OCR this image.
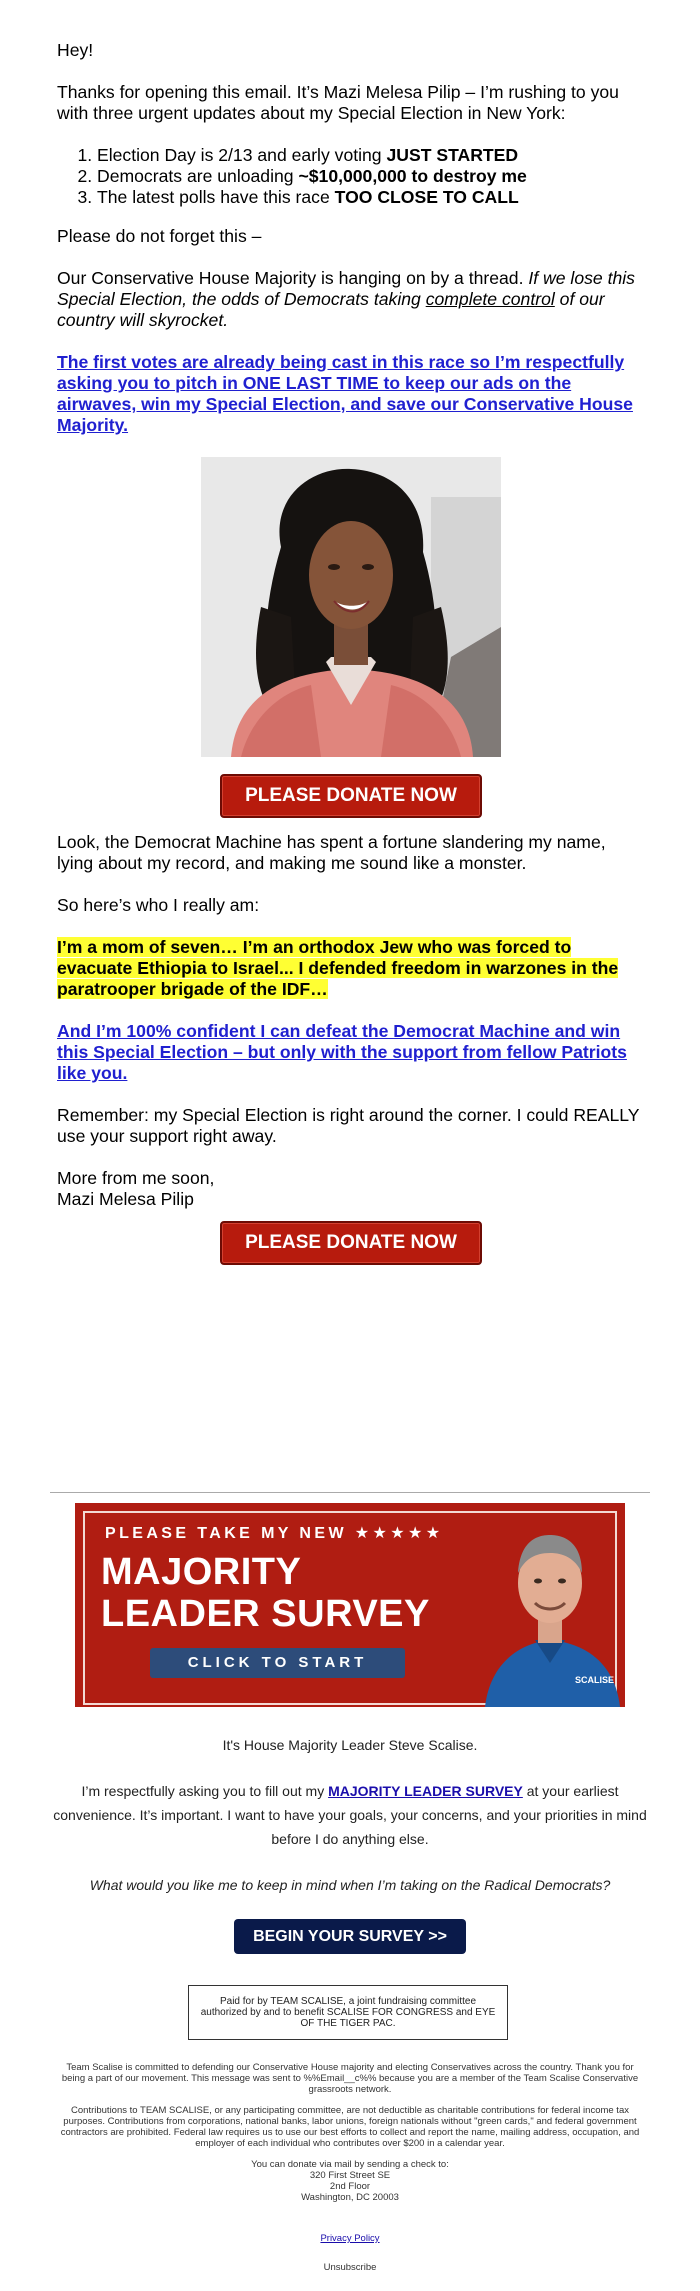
Hey!

Thanks for opening this email. It’s Mazi Melesa Pilip – I’m rushing to you with three urgent updates about my Special Election in New York:

1. Election Day is 2/13 and early voting JUST STARTED
2. Democrats are unloading ~$10,000,000 to destroy me
3. The latest polls have this race TOO CLOSE TO CALL

Please do not forget this –

Our Conservative House Majority is hanging on by a thread. If we lose this Special Election, the odds of Democrats taking complete control of our country will skyrocket.

The first votes are already being cast in this race so I’m respectfully asking you to pitch in ONE LAST TIME to keep our ads on the airwaves, win my Special Election, and save our Conservative House Majority.

PLEASE DONATE NOW

Look, the Democrat Machine has spent a fortune slandering my name, lying about my record, and making me sound like a monster.

So here’s who I really am:

I’m a mom of seven… I’m an orthodox Jew who was forced to evacuate Ethiopia to Israel... I defended freedom in warzones in the paratrooper brigade of the IDF…

And I’m 100% confident I can defeat the Democrat Machine and win this Special Election – but only with the support from fellow Patriots like you.

Remember: my Special Election is right around the corner. I could REALLY use your support right away.

More from me soon,
Mazi Melesa Pilip

PLEASE DONATE NOW
PLEASE TAKE MY NEW ★★★★★
MAJORITY
LEADER SURVEY
CLICK TO START
SCALISE

It's House Majority Leader Steve Scalise.

I’m respectfully asking you to fill out my MAJORITY LEADER SURVEY at your earliest convenience. It’s important. I want to have your goals, your concerns, and your priorities in mind before I do anything else.

What would you like me to keep in mind when I’m taking on the Radical Democrats?

BEGIN YOUR SURVEY >>
Paid for by TEAM SCALISE, a joint fundraising committee authorized by and to benefit SCALISE FOR CONGRESS and EYE OF THE TIGER PAC.

Team Scalise is committed to defending our Conservative House majority and electing Conservatives across the country. Thank you for being a part of our movement. This message was sent to %%Email__c%% because you are a member of the Team Scalise Conservative grassroots network.

Contributions to TEAM SCALISE, or any participating committee, are not deductible as charitable contributions for federal income tax purposes. Contributions from corporations, national banks, labor unions, foreign nationals without "green cards," and federal government contractors are prohibited. Federal law requires us to use our best efforts to collect and report the name, mailing address, occupation, and employer of each individual who contributes over $200 in a calendar year.

You can donate via mail by sending a check to:
320 First Street SE
2nd Floor
Washington, DC 20003

Privacy Policy

Unsubscribe
